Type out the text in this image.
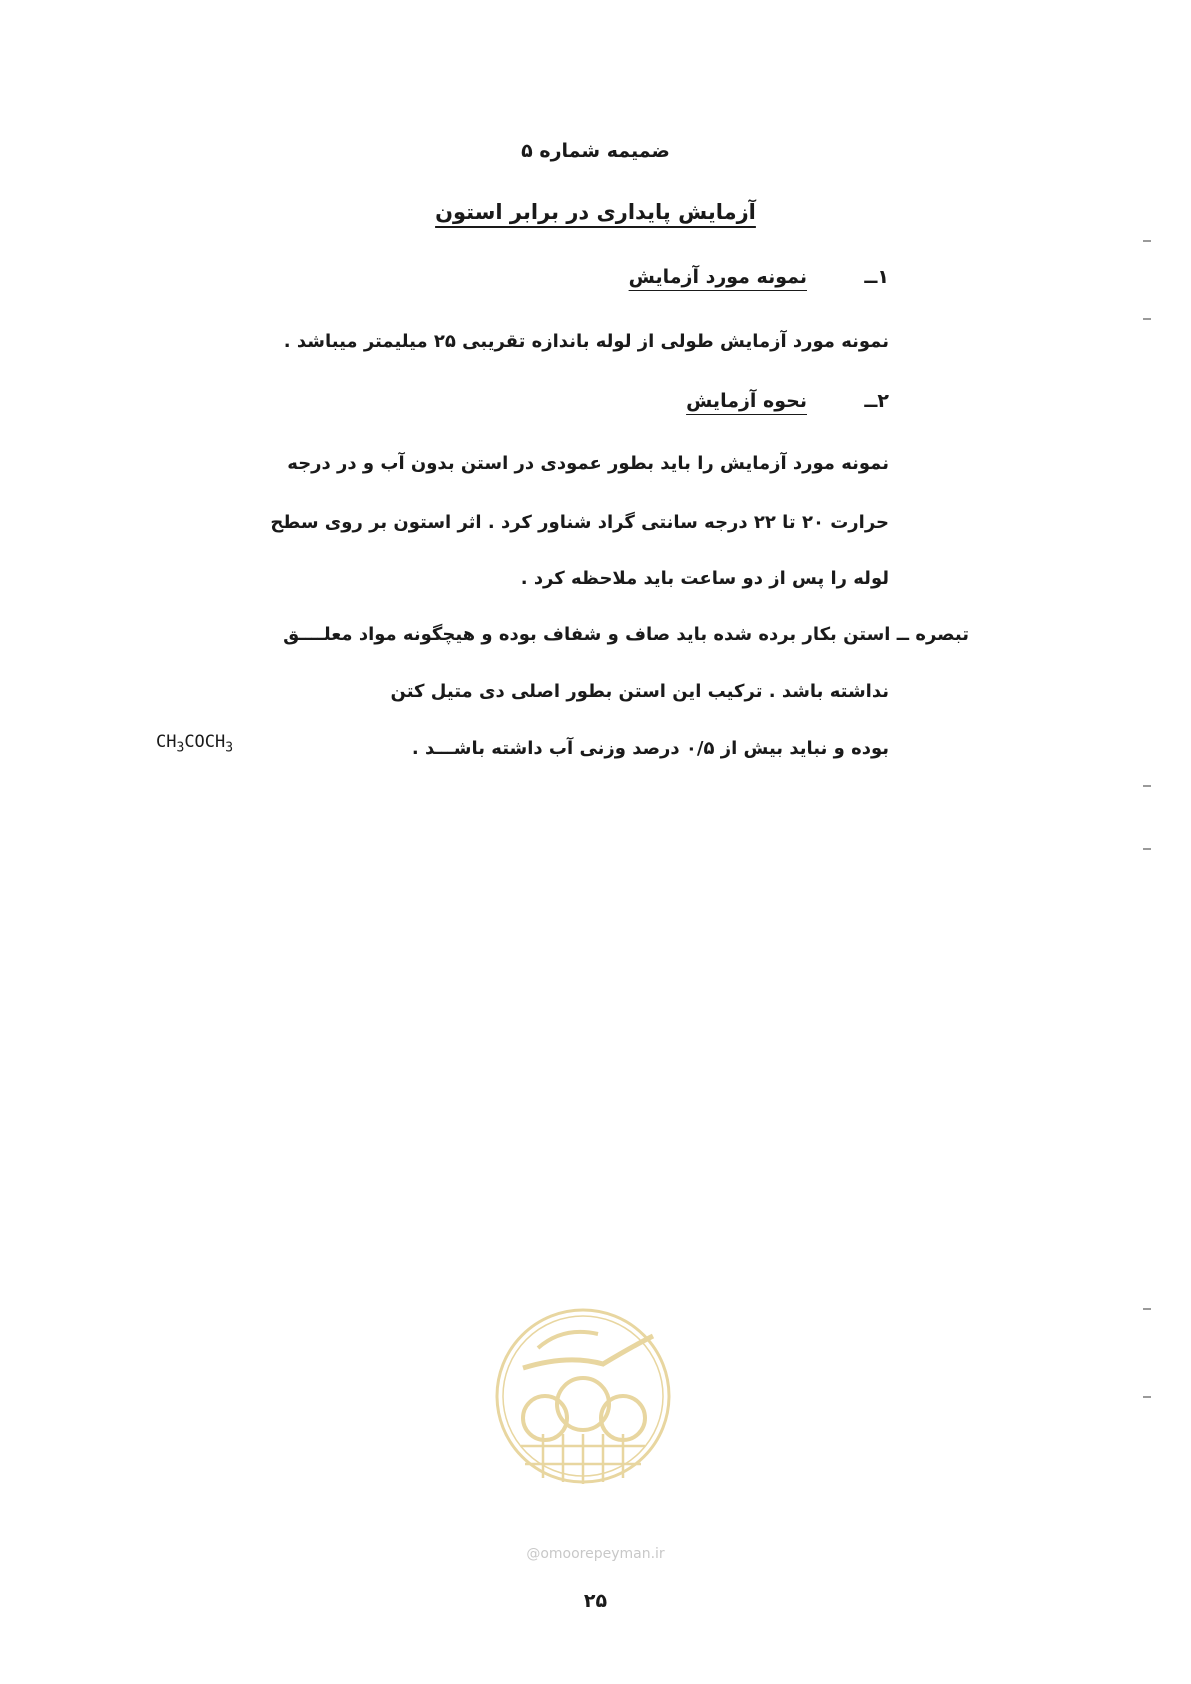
ضمیمه شماره ۵
آزمایش پایداری در برابر استون
۱ــنمونه مورد آزمایش
نمونه مورد آزمایش طولی از لوله باندازه تقریبی ۲۵ میلیمتر میباشد .
۲ــنحوه آزمایش
نمونه مورد آزمایش را باید بطور عمودی در استن بدون آب و در درجه
حرارت ۲۰ تا ۲۲ درجه سانتی گراد شناور کرد . اثر استون بر روی سطح
لوله را پس از دو ساعت باید ملاحظه کرد .
تبصره ــ استن بکار برده شده باید صاف و شفاف بوده و هیچگونه مواد معلــــق
نداشته باشد . ترکیب این استن بطور اصلی دی متیل کتن
$CH_3COCH_3$	بوده و نباید بیش از ۰/۵ درصد وزنی آب داشته باشـــد .
@omoorepeyman.ir
۲۵
